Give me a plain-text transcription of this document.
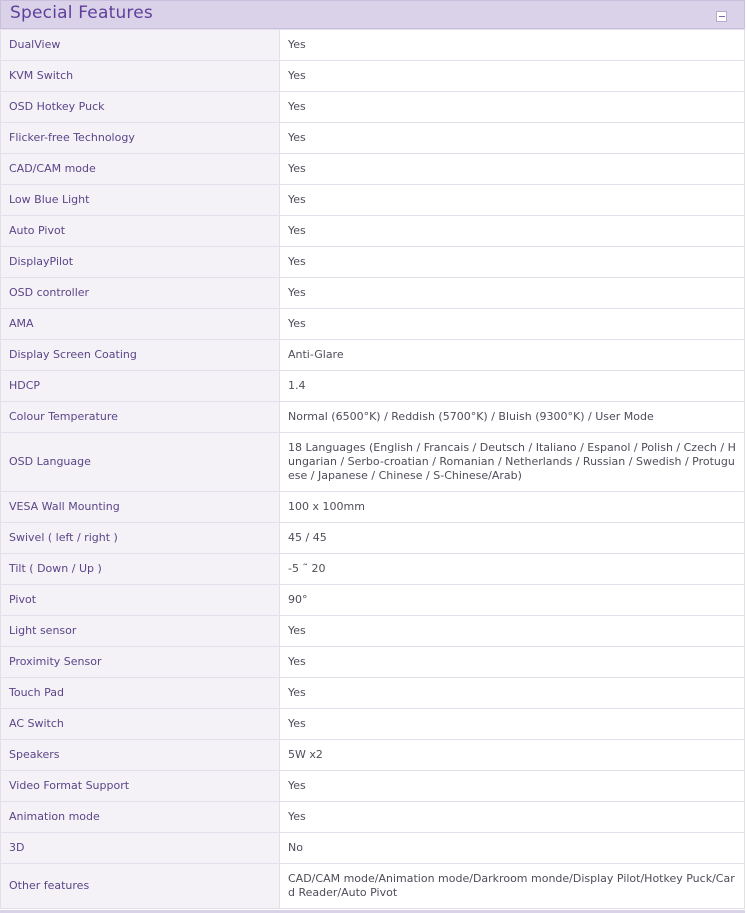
Special Features
DualView	Yes
KVM Switch	Yes
OSD Hotkey Puck	Yes
Flicker-free Technology	Yes
CAD/CAM mode	Yes
Low Blue Light	Yes
Auto Pivot	Yes
DisplayPilot	Yes
OSD controller	Yes
AMA	Yes
Display Screen Coating	Anti-Glare
HDCP	1.4
Colour Temperature	Normal (6500°K) / Reddish (5700°K) / Bluish (9300°K) / User Mode
OSD Language	18 Languages (English / Francais / Deutsch / Italiano / Espanol / Polish / Czech / Hungarian / Serbo-croatian / Romanian / Netherlands / Russian / Swedish / Protuguese / Japanese / Chinese / S-Chinese/Arab)
VESA Wall Mounting	100 x 100mm
Swivel ( left / right )	45 / 45
Tilt ( Down / Up )	-5 ˜ 20
Pivot	90°
Light sensor	Yes
Proximity Sensor	Yes
Touch Pad	Yes
AC Switch	Yes
Speakers	5W x2
Video Format Support	Yes
Animation mode	Yes
3D	No
Other features	CAD/CAM mode/Animation mode/Darkroom monde/Display Pilot/Hotkey Puck/Card Reader/Auto Pivot
